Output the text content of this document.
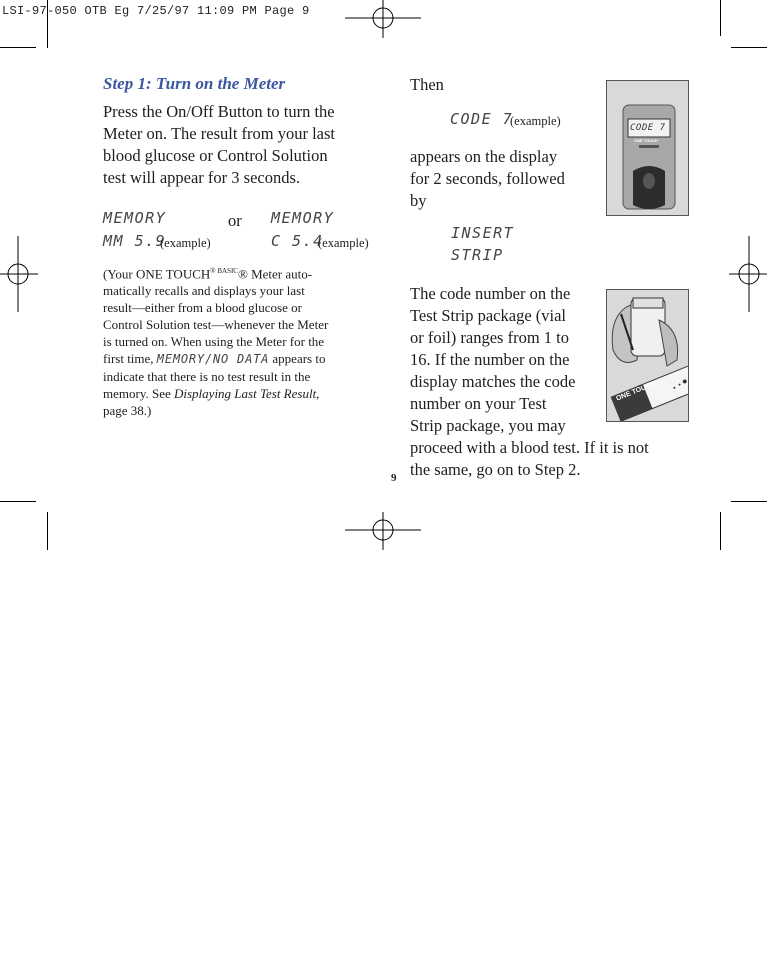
LSI-97-050 OTB Eg 7/25/97 11:09 PM Page 9
Step 1: Turn on the Meter
Press the On/Off Button to turn the
Meter on. The result from your last
blood glucose or Control Solution
test will appear for 3 seconds.
MEMORY
MM 5.9
(example)
or MEMORY
C 5.4
(example)
(Your ONE $TOUCH^{® BASIC}®$ Meter auto-
matically recalls and displays your last
result—either from a blood glucose or
Control Solution test—whenever the Meter
is turned on. When using the Meter for the
first time, MEMORY/NO DATA appears to
indicate that there is no test result in the
memory. See Displaying Last Test Result,
page 38.)
9
Then
CODE 7
(example)
appears on the display
for 2 seconds, followed
by
INSERT
STRIP
The code number on the
Test Strip package (vial
or foil) ranges from 1 to
16. If the number on the
display matches the code
number on your Test
Strip package, you may
proceed with a blood test. If it is not
the same, go on to Step 2.
CODE 7
ONE TOUCH
ONE TOUCH
